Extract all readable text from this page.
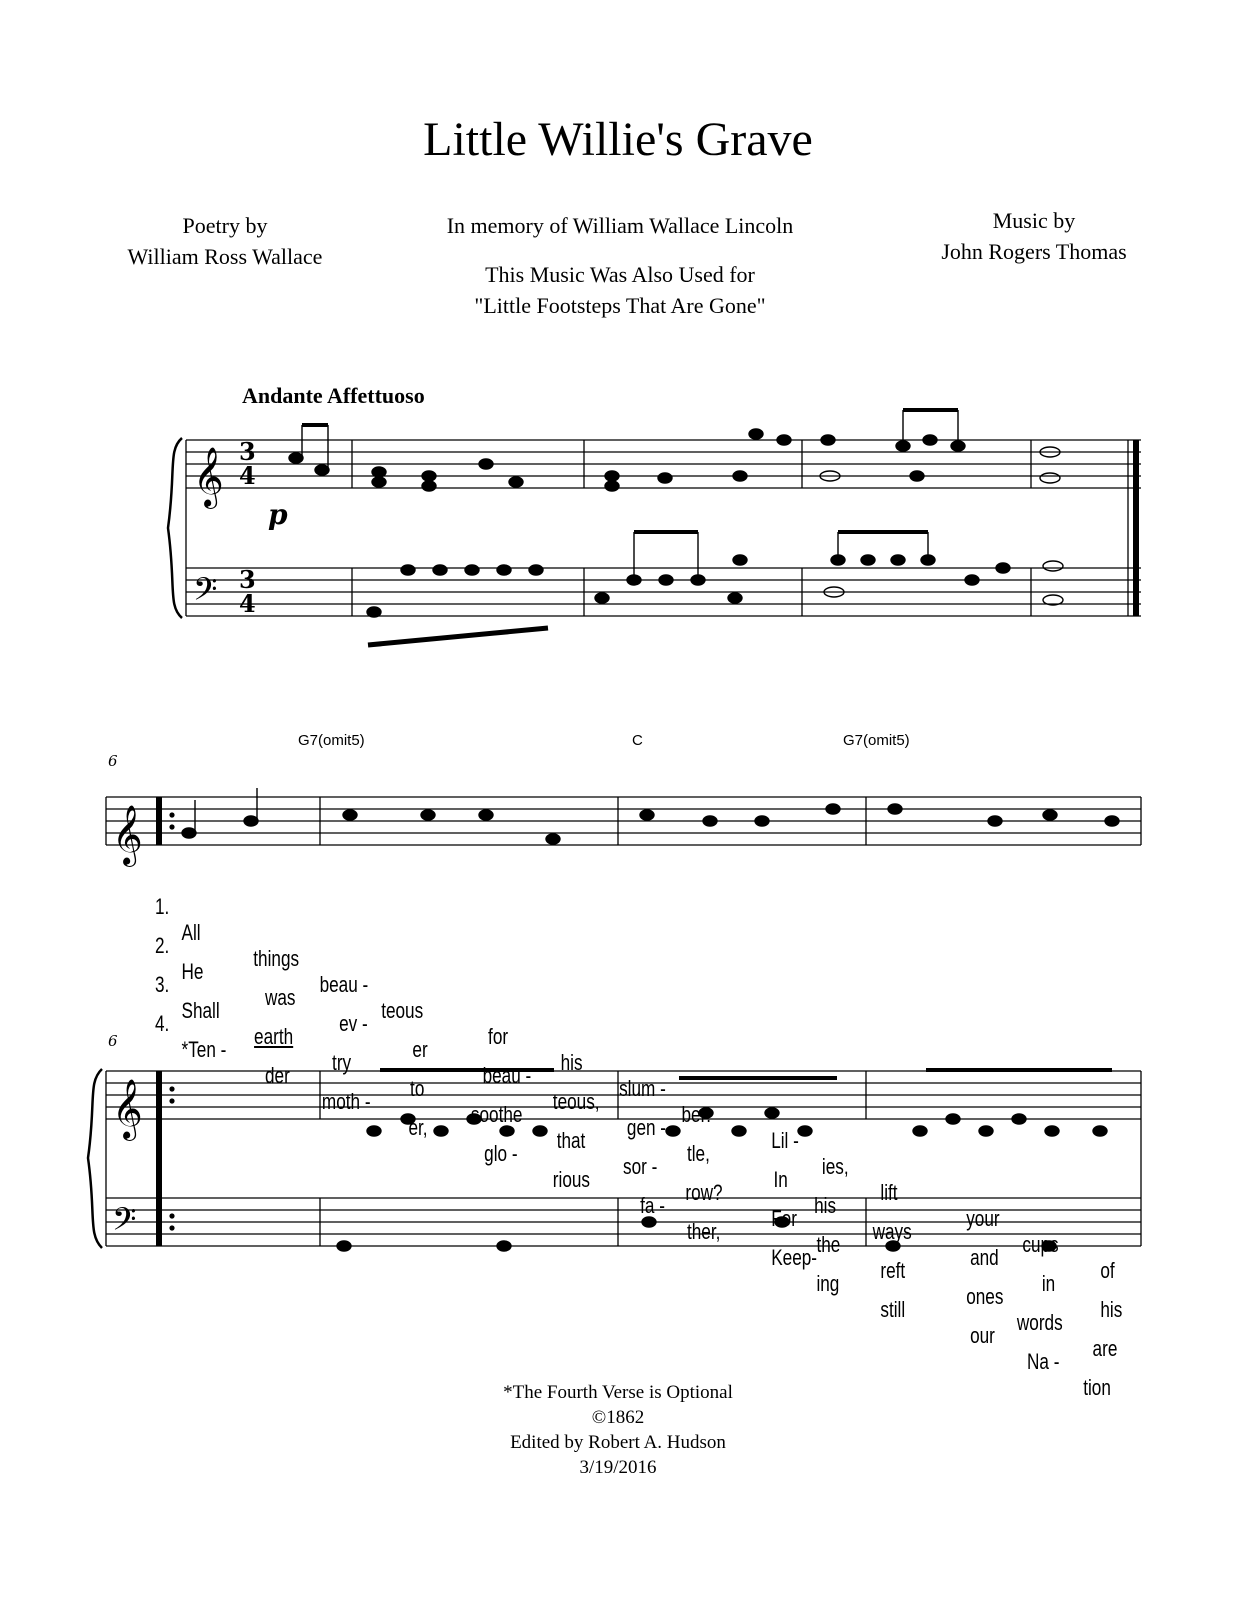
Little Willie's Grave
Poetry by
William Ross Wallace
In memory of William Wallace Lincoln
This Music Was Also Used for
"Little Footsteps That Are Gone"
Music by
John Rogers Thomas
Andante Affettuoso
𝄞
𝄢
3
4
3
4
p
𝄞
𝄞
𝄢
6
6
G7(omit5)	C	G7(omit5)

1.

All

things

beau -

teous

for

his

slum -

ber!

Lil -

ies,

lift

your

cups

of

2.

He

was

ev -

er

beau -

teous,

gen -

tle,

In

his

ways

and

in

his

3.

Shall

earth

try

to

soothe

that

sor -

row?

For

the

reft

ones

words

are

4.

*Ten -

der

moth -

er,

glo -

rious

fa -

ther,

Keep-

ing

still

our

Na -

tion

*The Fourth Verse is Optional
©1862
Edited by Robert A. Hudson
3/19/2016
